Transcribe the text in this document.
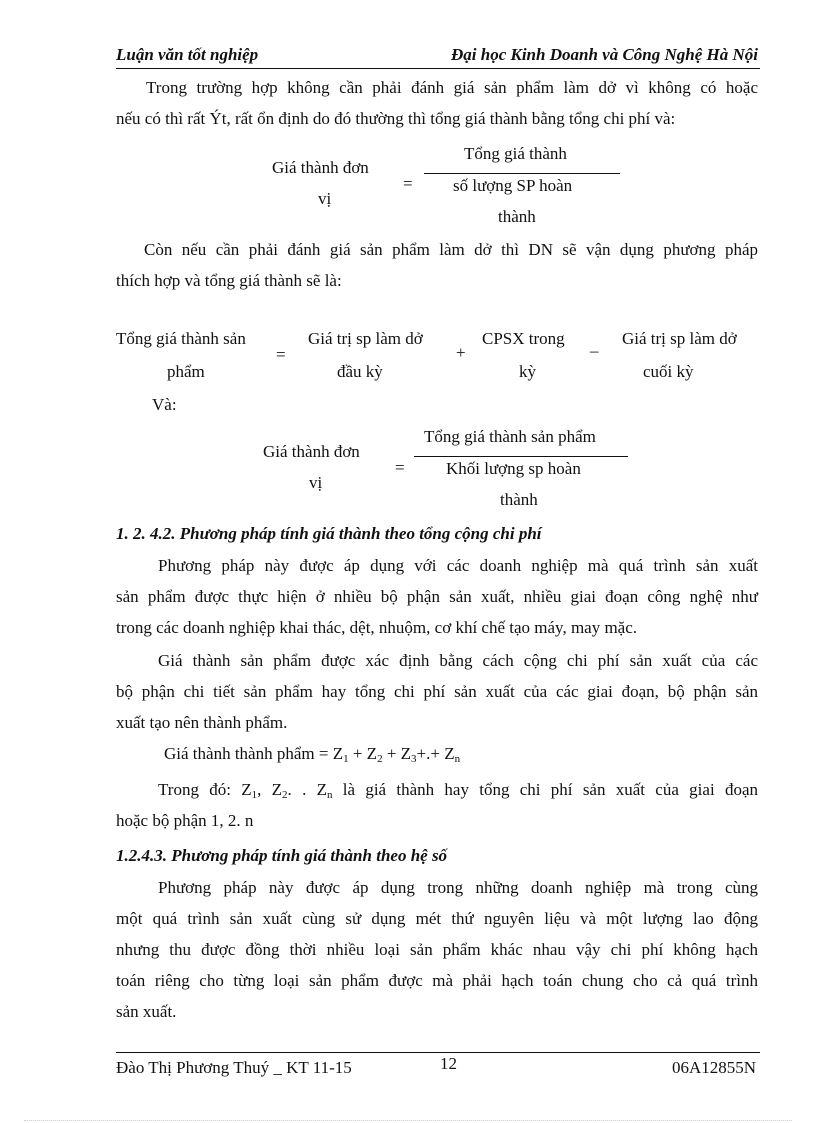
Luận văn tốt nghiệp	Đại học Kinh Doanh và Công Nghệ Hà Nội
Trong trường hợp không cần phải đánh giá sản phẩm làm dở vì không có hoặc
nếu có thì rất Ýt, rất ổn định do đó thường thì tổng giá thành bằng tổng chi phí và:
Giá thành đơn
vị
=
Tổng giá thành
số lượng SP hoàn
thành
Còn nếu cần phải đánh giá sản phẩm làm dở thì DN sẽ vận dụng phương pháp
thích hợp và tổng giá thành sẽ là:
Tổng giá thành sản
phẩm
=
Giá trị sp làm dở
đầu kỳ
+
CPSX trong
kỳ
–
Giá trị sp làm dở
cuối kỳ
Và:
Giá thành đơn
vị
=
Tổng giá thành sản phẩm
Khối lượng sp hoàn
thành
1. 2. 4.2. Phương pháp tính giá thành theo tổng cộng chi phí
Phương pháp này được áp dụng với các doanh nghiệp mà quá trình sản xuất
sản phẩm được thực hiện ở nhiều bộ phận sản xuất, nhiều giai đoạn công nghệ như
trong các doanh nghiệp khai thác, dệt, nhuộm, cơ khí chế tạo máy, may mặc.
Giá thành sản phẩm được xác định bằng cách cộng chi phí sản xuất của các
bộ phận chi tiết sản phẩm hay tổng chi phí sản xuất của các giai đoạn, bộ phận sản
xuất tạo nên thành phẩm.
Giá thành thành phẩm = $Z_1 + Z_2 + Z_3+.+ Z_n$
Trong đó: $Z_1$, $Z_2$. . $Z_n$ là giá thành hay tổng chi phí sản xuất của giai đoạn
hoặc bộ phận 1, 2. n
1.2.4.3. Phương pháp tính giá thành theo hệ số
Phương pháp này được áp dụng trong những doanh nghiệp mà trong cùng
một quá trình sản xuất cùng sử dụng mét thứ nguyên liệu và một lượng lao động
nhưng thu được đồng thời nhiều loại sản phẩm khác nhau vậy chi phí không hạch
toán riêng cho từng loại sản phẩm được mà phải hạch toán chung cho cả quá trình
sản xuất.
Đào Thị Phương Thuý _ KT 11-15	12	06A12855N
